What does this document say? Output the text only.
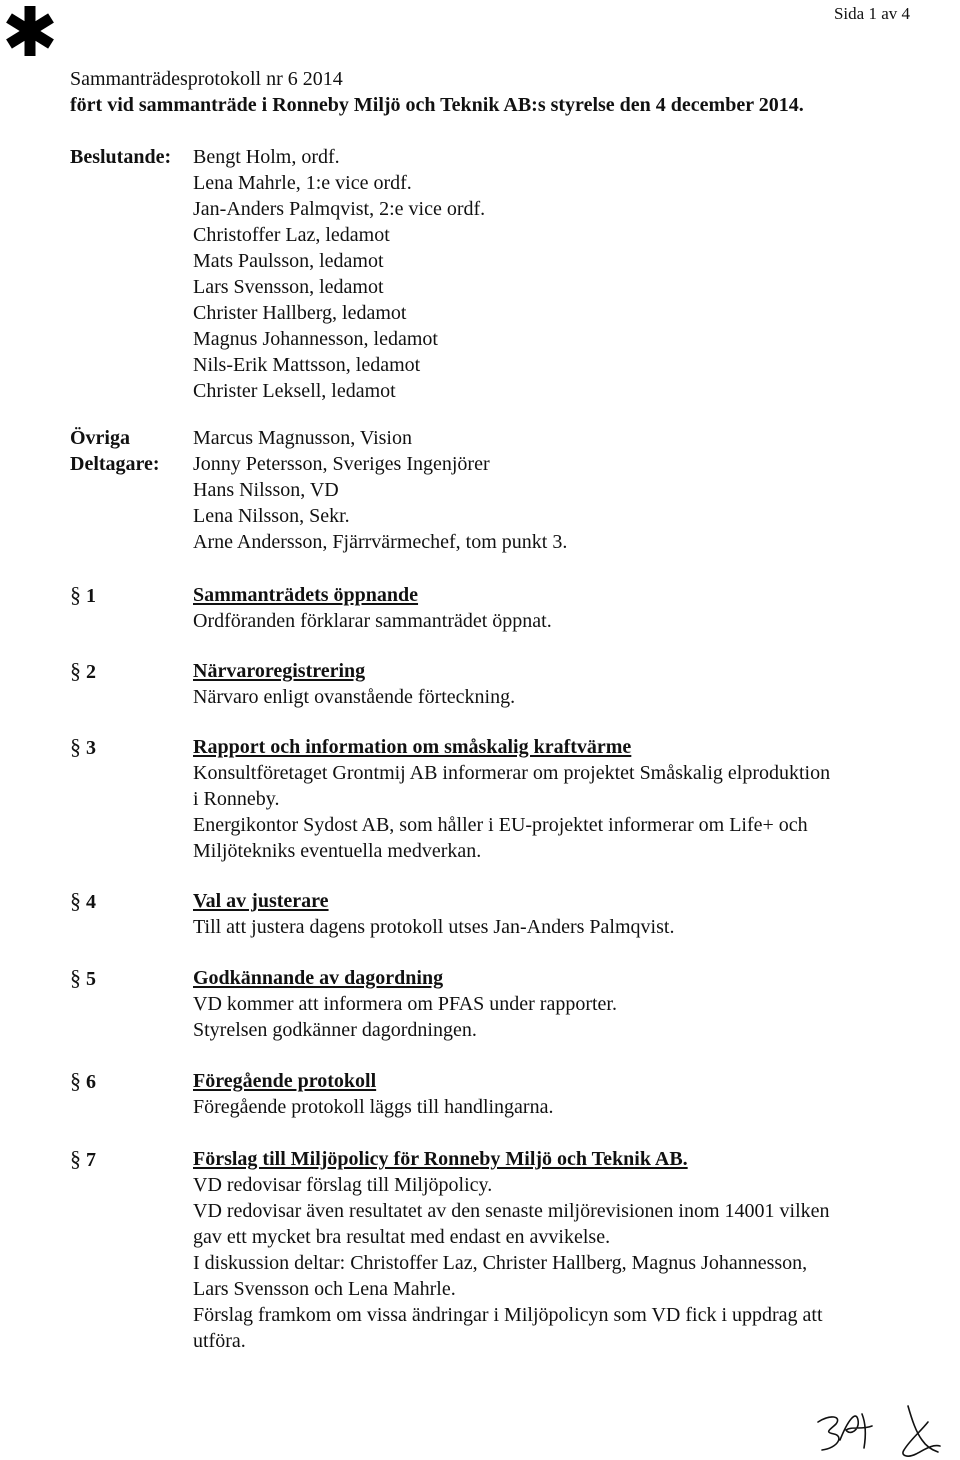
Sida 1 av 4
Sammanträdesprotokoll nr 6 2014
fört vid sammanträde i Ronneby Miljö och Teknik AB:s styrelse den 4 december 2014.
Beslutande: Bengt Holm, ordf.
Lena Mahrle, 1:e vice ordf.
Jan-Anders Palmqvist, 2:e vice ordf.
Christoffer Laz, ledamot
Mats Paulsson, ledamot
Lars Svensson, ledamot
Christer Hallberg, ledamot
Magnus Johannesson, ledamot
Nils-Erik Mattsson, ledamot
Christer Leksell, ledamot
Övriga
Deltagare:
Marcus Magnusson, Vision
Jonny Petersson, Sveriges Ingenjörer
Hans Nilsson, VD
Lena Nilsson, Sekr.
Arne Andersson, Fjärrvärmechef, tom punkt 3.
§ 1	Sammanträdets öppnande
Ordföranden förklarar sammanträdet öppnat.
§ 2	Närvaroregistrering
Närvaro enligt ovanstående förteckning.
§ 3	Rapport och information om småskalig kraftvärme
Konsultföretaget Grontmij AB informerar om projektet Småskalig elproduktion
i Ronneby.
Energikontor Sydost AB, som håller i EU-projektet informerar om Life+ och
Miljötekniks eventuella medverkan.
§ 4	Val av justerare
Till att justera dagens protokoll utses Jan-Anders Palmqvist.
§ 5	Godkännande av dagordning
VD kommer att informera om PFAS under rapporter.
Styrelsen godkänner dagordningen.
§ 6	Föregående protokoll
Föregående protokoll läggs till handlingarna.
§ 7	Förslag till Miljöpolicy för Ronneby Miljö och Teknik AB.
VD redovisar förslag till Miljöpolicy.
VD redovisar även resultatet av den senaste miljörevisionen inom 14001 vilken
gav ett mycket bra resultat med endast en avvikelse.
I diskussion deltar: Christoffer Laz, Christer Hallberg, Magnus Johannesson,
Lars Svensson och Lena Mahrle.
Förslag framkom om vissa ändringar i Miljöpolicyn som VD fick i uppdrag att
utföra.
